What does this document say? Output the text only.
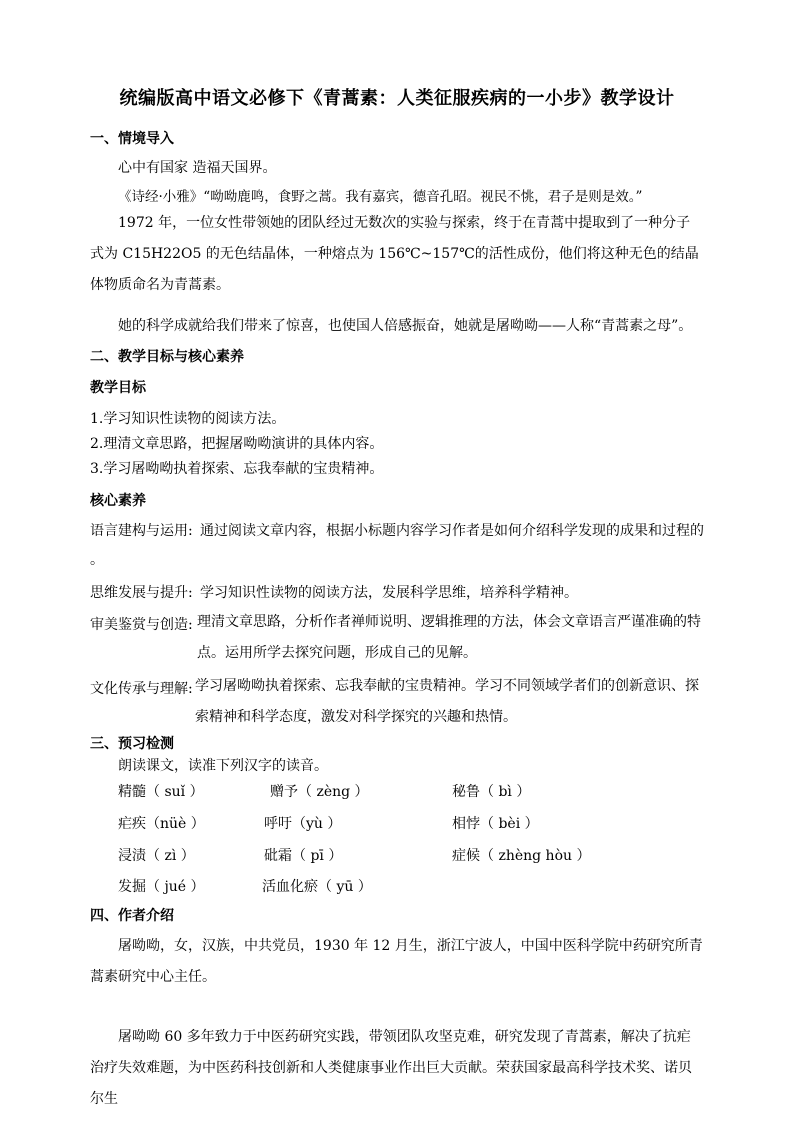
统编版高中语文必修下《青蒿素：人类征服疾病的一小步》教学设计
一、情境导入
心中有国家 造福天国界。
《诗经·小雅》“呦呦鹿鸣，食野之蒿。我有嘉宾，德音孔昭。视民不恌，君子是则是效。”
1972 年，一位女性带领她的团队经过无数次的实验与探索，终于在青蒿中提取到了一种分子式为 C15H22O5 的无色结晶体，一种熔点为 156℃~157℃的活性成份，他们将这种无色的结晶体物质命名为青蒿素。
她的科学成就给我们带来了惊喜，也使国人倍感振奋，她就是屠呦呦——人称“青蒿素之母”。
二、教学目标与核心素养
教学目标
1.学习知识性读物的阅读方法。
2.理清文章思路，把握屠呦呦演讲的具体内容。
3.学习屠呦呦执着探索、忘我奉献的宝贵精神。
核心素养
语言建构与运用: 通过阅读文章内容，根据小标题内容学习作者是如何介绍科学发现的成果和过程的
。
思维发展与提升: 学习知识性读物的阅读方法，发展科学思维，培养科学精神。
审美鉴赏与创造: 理清文章思路，分析作者禅师说明、逻辑推理的方法，体会文章语言严谨准确的特点。运用所学去探究问题，形成自己的见解。
文化传承与理解: 学习屠呦呦执着探索、忘我奉献的宝贵精神。学习不同领域学者们的创新意识、探索精神和科学态度，激发对科学探究的兴趣和热情。
三、预习检测
朗读课文，读准下列汉字的读音。
精髓（ suǐ ）	赠予（ zèng ）	秘鲁（ bì ）
疟疾（nüè ）	呼吁（yù ）	相悖（ bèi ）
浸渍（ zì ）	砒霜（ pī ）	症候（ zhèng hòu ）
发掘（ jué ）	活血化瘀（ yū ）
四、作者介绍
屠呦呦，女，汉族，中共党员，1930 年 12 月生，浙江宁波人，中国中医科学院中药研究所青蒿素研究中心主任。
屠呦呦 60 多年致力于中医药研究实践，带领团队攻坚克难，研究发现了青蒿素，解决了抗疟治疗失效难题，为中医药科技创新和人类健康事业作出巨大贡献。荣获国家最高科学技术奖、诺贝尔生
